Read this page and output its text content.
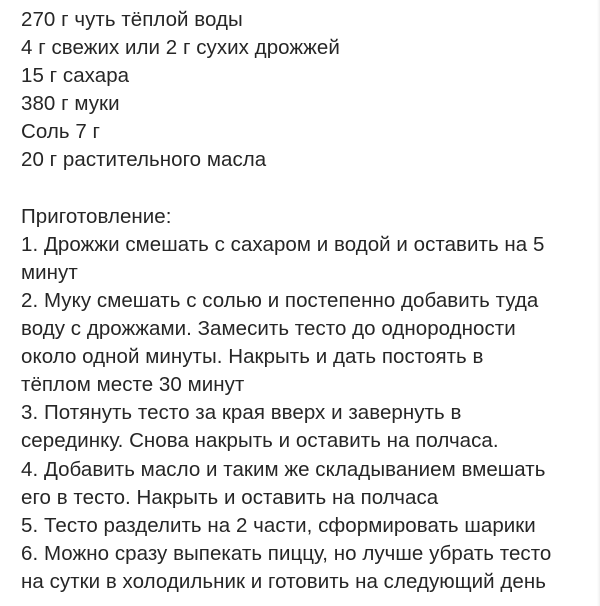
270 г чуть тёплой воды
4 г свежих или 2 г сухих дрожжей
15 г сахара
380 г муки
Соль 7 г
20 г растительного масла
Приготовление:
1. Дрожжи смешать с сахаром и водой и оставить на 5
минут
2. Муку смешать с солью и постепенно добавить туда
воду с дрожжами. Замесить тесто до однородности
около одной минуты. Накрыть и дать постоять в
тёплом месте 30 минут
3. Потянуть тесто за края вверх и завернуть в
серединку. Снова накрыть и оставить на полчаса.
4. Добавить масло и таким же складыванием вмешать
его в тесто. Накрыть и оставить на полчаса
5. Тесто разделить на 2 части, сформировать шарики
6. Можно сразу выпекать пиццу, но лучше убрать тесто
на сутки в холодильник и готовить на следующий день
